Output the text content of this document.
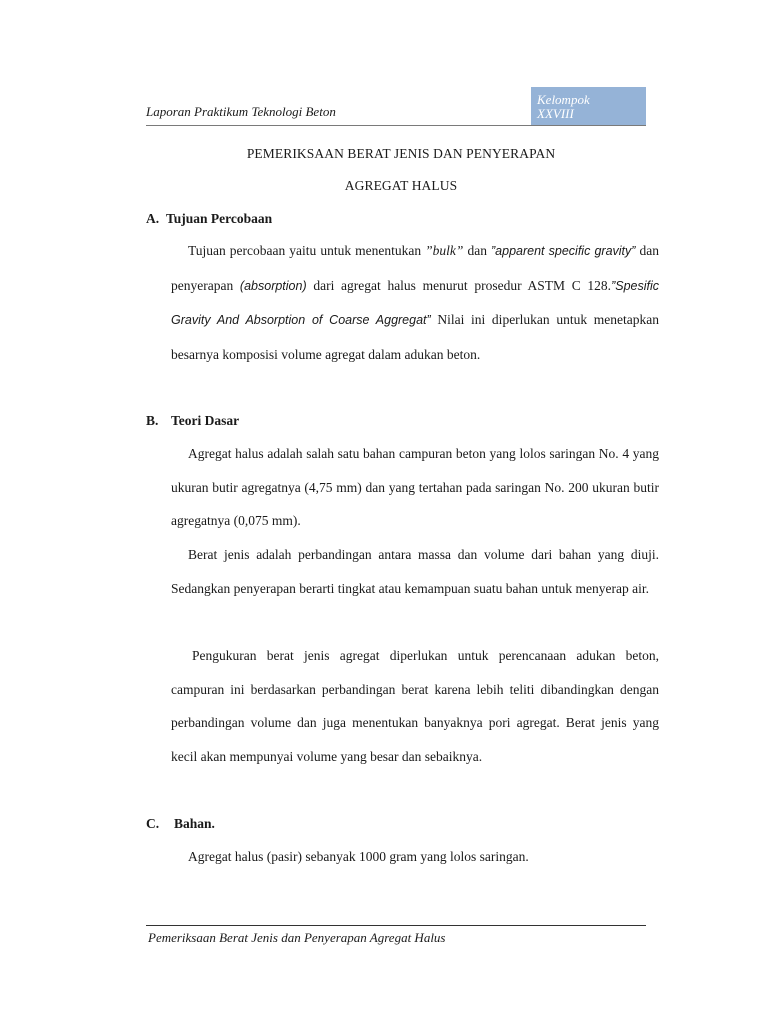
Laporan Praktikum Teknologi Beton
Kelompok
XXVIII
PEMERIKSAAN BERAT JENIS DAN PENYERAPAN
AGREGAT HALUS
A. Tujuan Percobaan

Tujuan percobaan yaitu untuk menentukan ”bulk” dan ”apparent specific gravity” dan penyerapan (absorption) dari agregat halus menurut prosedur ASTM C 128.”Spesific Gravity And Absorption of Coarse Aggregat” Nilai ini diperlukan untuk menetapkan besarnya komposisi volume agregat dalam adukan beton.

B. Teori Dasar

Agregat halus adalah salah satu bahan campuran beton yang lolos saringan No. 4 yang ukuran butir agregatnya (4,75 mm) dan yang tertahan pada saringan No. 200 ukuran butir agregatnya (0,075 mm).

Berat jenis adalah perbandingan antara massa dan volume dari bahan yang diuji. Sedangkan penyerapan berarti tingkat atau kemampuan suatu bahan untuk menyerap air.

Pengukuran berat jenis agregat diperlukan untuk perencanaan adukan beton, campuran ini berdasarkan perbandingan berat karena lebih teliti dibandingkan dengan perbandingan volume dan juga menentukan banyaknya pori agregat. Berat jenis yang kecil akan mempunyai volume yang besar dan sebaiknya.

C. Bahan.

Agregat halus (pasir) sebanyak 1000 gram yang lolos saringan.

Pemeriksaan Berat Jenis dan Penyerapan Agregat Halus
